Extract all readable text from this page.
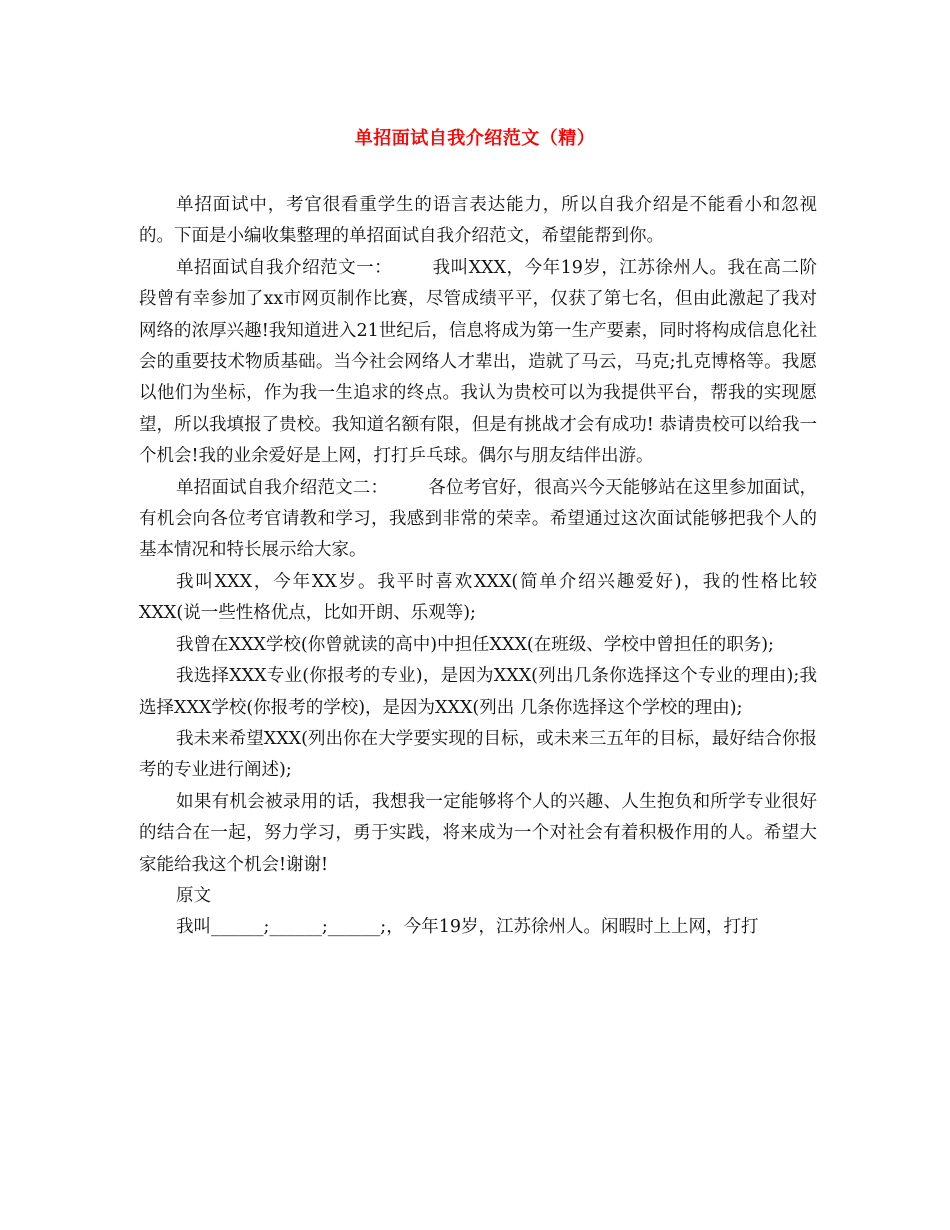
单招面试自我介绍范文（精）

单招面试中，考官很看重学生的语言表达能力，所以自我介绍是不能看小和忽视的。下面是小编收集整理的单招面试自我介绍范文，希望能帮到你。

单招面试自我介绍范文一： 我叫XXX，今年19岁，江苏徐州人。我在高二阶段曾有幸参加了xx市网页制作比赛，尽管成绩平平，仅获了第七名，但由此激起了我对网络的浓厚兴趣!我知道进入21世纪后，信息将成为第一生产要素，同时将构成信息化社会的重要技术物质基础。当今社会网络人才辈出，造就了马云，马克;扎克博格等。我愿以他们为坐标，作为我一生追求的终点。我认为贵校可以为我提供平台，帮我的实现愿望，所以我填报了贵校。我知道名额有限，但是有挑战才会有成功! 恭请贵校可以给我一个机会!我的业余爱好是上网，打打乒乓球。偶尔与朋友结伴出游。

单招面试自我介绍范文二： 各位考官好，很高兴今天能够站在这里参加面试，有机会向各位考官请教和学习，我感到非常的荣幸。希望通过这次面试能够把我个人的基本情况和特长展示给大家。

我叫XXX，今年XX岁。我平时喜欢XXX(简单介绍兴趣爱好)，我的性格比较XXX(说一些性格优点，比如开朗、乐观等);

我曾在XXX学校(你曾就读的高中)中担任XXX(在班级、学校中曾担任的职务);

我选择XXX专业(你报考的专业)，是因为XXX(列出几条你选择这个专业的理由);我选择XXX学校(你报考的学校)，是因为XXX(列出 几条你选择这个学校的理由);

我未来希望XXX(列出你在大学要实现的目标，或未来三五年的目标，最好结合你报考的专业进行阐述);

如果有机会被录用的话，我想我一定能够将个人的兴趣、人生抱负和所学专业很好的结合在一起，努力学习，勇于实践，将来成为一个对社会有着积极作用的人。希望大家能给我这个机会!谢谢!

原文

我叫______;______;______;，今年19岁，江苏徐州人。闲暇时上上网，打打
